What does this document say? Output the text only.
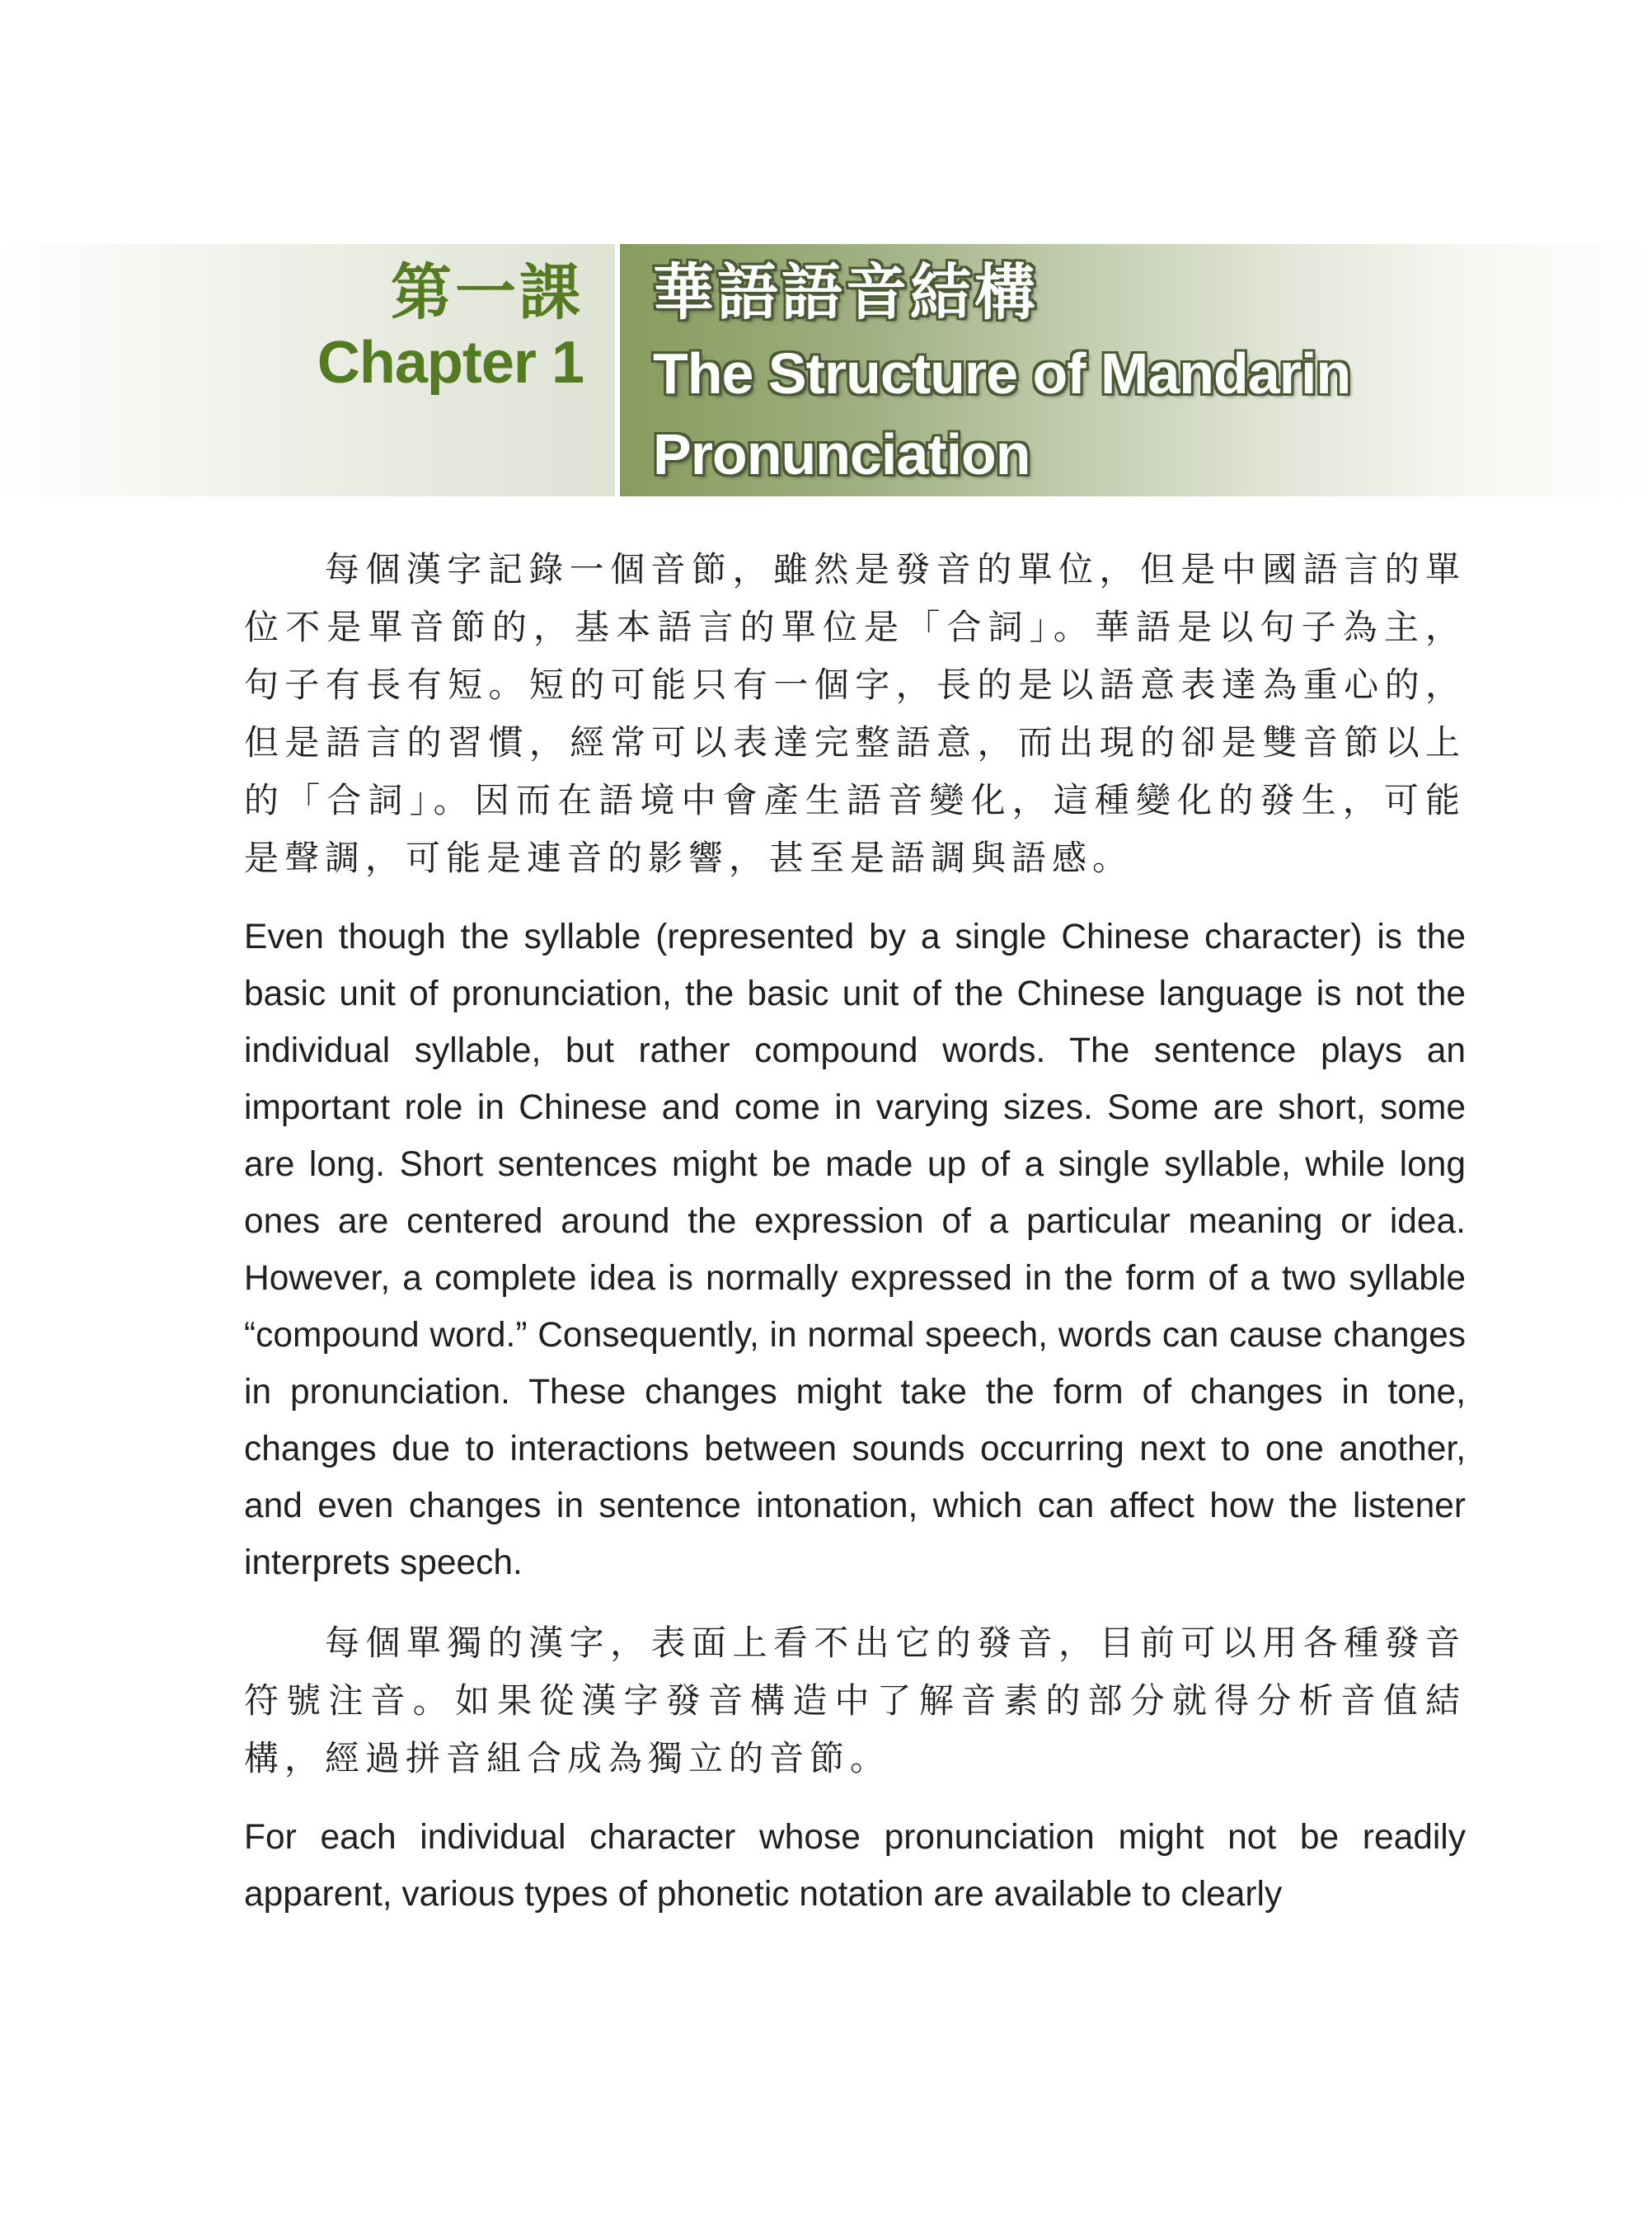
第一課
Chapter 1
華語語音結構
The Structure of Mandarin Pronunciation

每個漢字記錄一個音節，雖然是發音的單位，但是中國語言的單位不是單音節的，基本語言的單位是「合詞」。華語是以句子為主，句子有長有短。短的可能只有一個字，長的是以語意表達為重心的，但是語言的習慣，經常可以表達完整語意，而出現的卻是雙音節以上的「合詞」。因而在語境中會產生語音變化，這種變化的發生，可能是聲調，可能是連音的影響，甚至是語調與語感。

Even though the syllable (represented by a single Chinese character) is the basic unit of pronunciation, the basic unit of the Chinese language is not the individual syllable, but rather compound words. The sentence plays an important role in Chinese and come in varying sizes. Some are short, some are long. Short sentences might be made up of a single syllable, while long ones are centered around the expression of a particular meaning or idea. However, a complete idea is normally expressed in the form of a two syllable “compound word.” Consequently, in normal speech, words can cause changes in pronunciation. These changes might take the form of changes in tone, changes due to interactions between sounds occurring next to one another, and even changes in sentence intonation, which can affect how the listener interprets speech.

每個單獨的漢字，表面上看不出它的發音，目前可以用各種發音符號注音。如果從漢字發音構造中了解音素的部分就得分析音值結構，經過拼音組合成為獨立的音節。

For each individual character whose pronunciation might not be readily apparent, various types of phonetic notation are available to clearly
